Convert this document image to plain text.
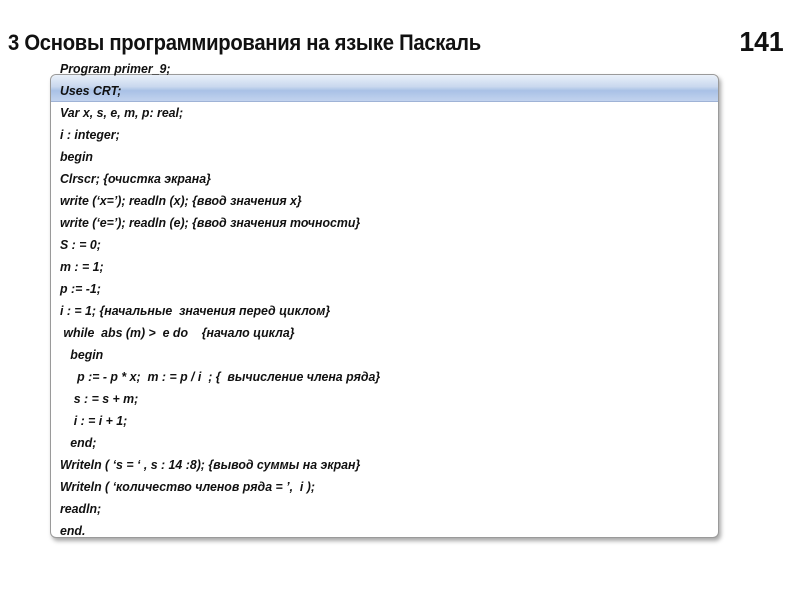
3 Основы программирования на языке Паскаль	141
Program primer_9;
Uses CRT;
Var x, s, e, m, p: real;
i : integer;
begin
Clrscr; {очистка экрана}
write (‘x=’); readln (x); {ввод значения x}
write (‘e=’); readln (e); {ввод значения точности}
S : = 0;
m : = 1;
p := -1;
i : = 1; {начальные  значения перед циклом}
while  abs (m) >  e do    {начало цикла}
begin
p := - p * x;  m : = p / i  ; {  вычисление члена ряда}
s : = s + m;
i : = i + 1;
end;
Writeln ( ‘s = ‘ , s : 14 :8); {вывод суммы на экран}
Writeln ( ‘количество членов ряда = ’,  i );
readln;
end.
